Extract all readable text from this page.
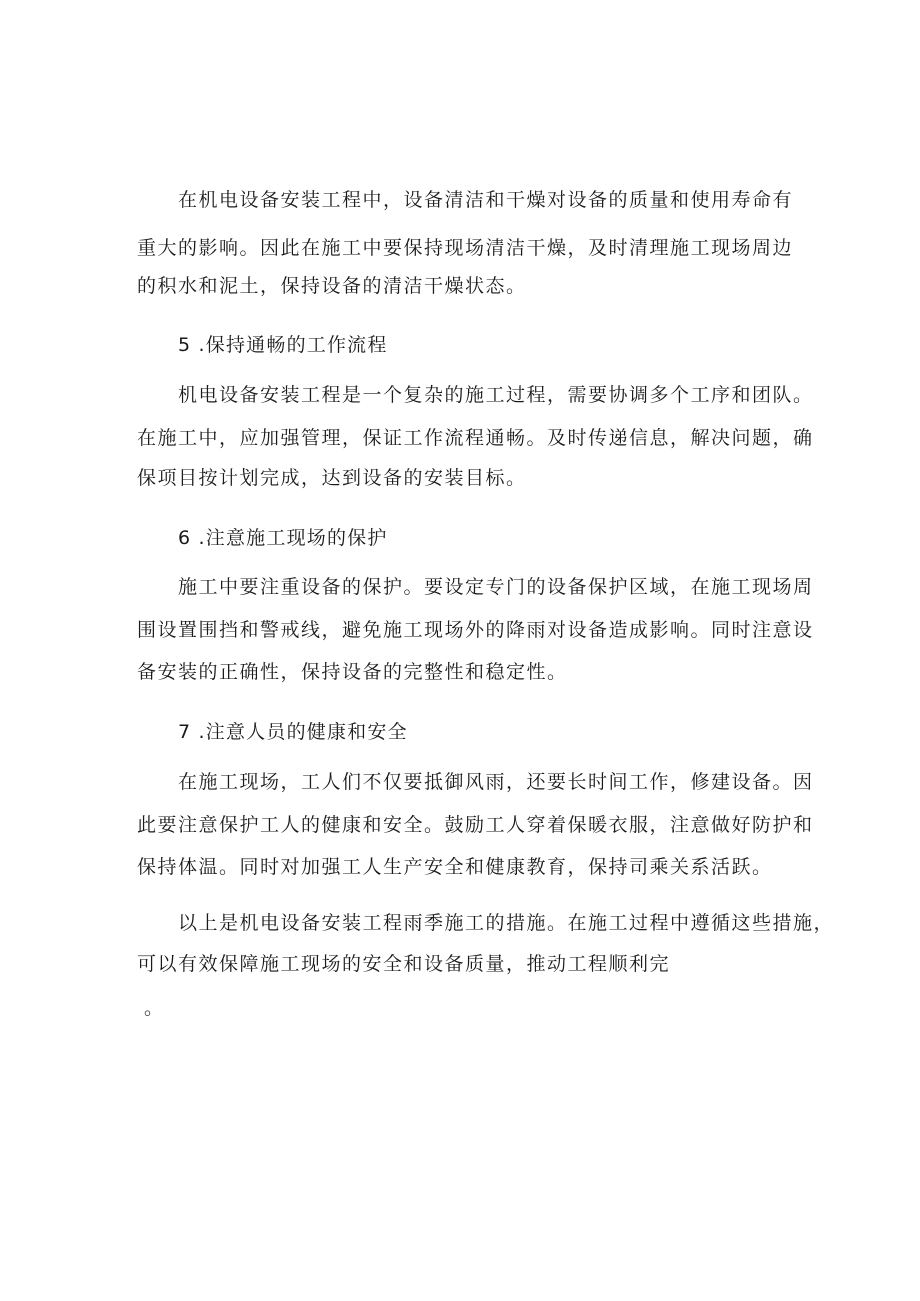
在机电设备安装工程中，设备清洁和干燥对设备的质量和使用寿命有
重大的影响。因此在施工中要保持现场清洁干燥，及时清理施工现场周边
的积水和泥土，保持设备的清洁干燥状态。
5 .保持通畅的工作流程
机电设备安装工程是一个复杂的施工过程，需要协调多个工序和团队。
在施工中，应加强管理，保证工作流程通畅。及时传递信息，解决问题，确
保项目按计划完成，达到设备的安装目标。
6 .注意施工现场的保护
施工中要注重设备的保护。要设定专门的设备保护区域，在施工现场周
围设置围挡和警戒线，避免施工现场外的降雨对设备造成影响。同时注意设
备安装的正确性，保持设备的完整性和稳定性。
7 .注意人员的健康和安全
在施工现场，工人们不仅要抵御风雨，还要长时间工作，修建设备。因
此要注意保护工人的健康和安全。鼓励工人穿着保暖衣服，注意做好防护和
保持体温。同时对加强工人生产安全和健康教育，保持司乘关系活跃。
以上是机电设备安装工程雨季施工的措施。在施工过程中遵循这些措施，
可以有效保障施工现场的安全和设备质量，推动工程顺利完
。
